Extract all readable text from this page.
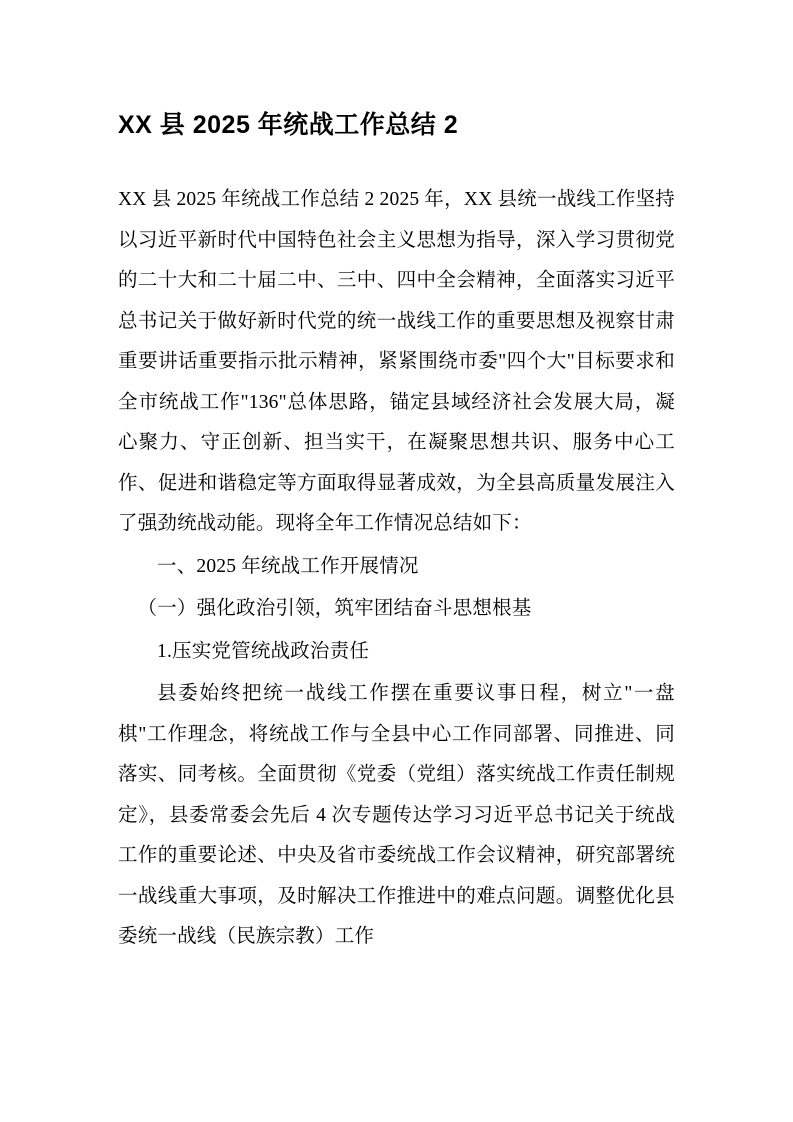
XX 县 2025 年统战工作总结 2

XX 县 2025 年统战工作总结 2 2025 年，XX 县统一战线工作坚持以习近平新时代中国特色社会主义思想为指导，深入学习贯彻党的二十大和二十届二中、三中、四中全会精神，全面落实习近平总书记关于做好新时代党的统一战线工作的重要思想及视察甘肃重要讲话重要指示批示精神，紧紧围绕市委"四个大"目标要求和全市统战工作"136"总体思路，锚定县域经济社会发展大局，凝心聚力、守正创新、担当实干，在凝聚思想共识、服务中心工作、促进和谐稳定等方面取得显著成效，为全县高质量发展注入了强劲统战动能。现将全年工作情况总结如下：

一、2025 年统战工作开展情况

（一）强化政治引领，筑牢团结奋斗思想根基

1.压实党管统战政治责任

县委始终把统一战线工作摆在重要议事日程，树立"一盘棋"工作理念，将统战工作与全县中心工作同部署、同推进、同落实、同考核。全面贯彻《党委（党组）落实统战工作责任制规定》，县委常委会先后 4 次专题传达学习习近平总书记关于统战工作的重要论述、中央及省市委统战工作会议精神，研究部署统一战线重大事项，及时解决工作推进中的难点问题。调整优化县委统一战线（民族宗教）工作
